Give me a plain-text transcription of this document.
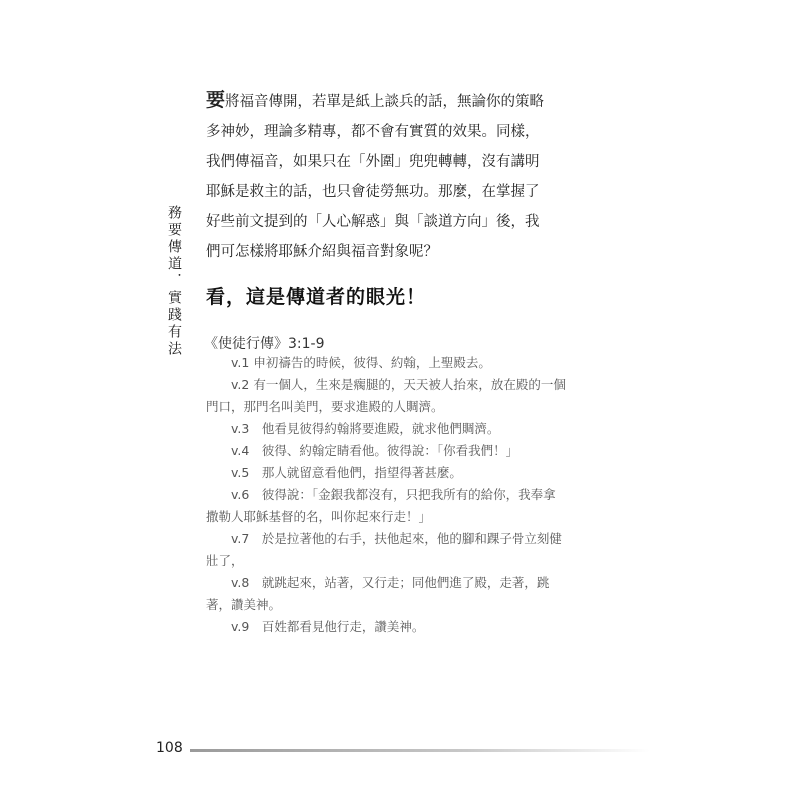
務要傳道．實踐有法

要將福音傳開，若單是紙上談兵的話，無論你的策略多神妙，理論多精專，都不會有實質的效果。同樣，我們傳福音，如果只在「外圍」兜兜轉轉，沒有講明耶穌是救主的話，也只會徒勞無功。那麼，在掌握了好些前文提到的「人心解惑」與「談道方向」後，我們可怎樣將耶穌介紹與福音對象呢？

看，這是傳道者的眼光！
《使徒行傳》3:1-9
v.1 申初禱告的時候，彼得、約翰，上聖殿去。
v.2 有一個人，生來是瘸腿的，天天被人抬來，放在殿的一個門口，那門名叫美門，要求進殿的人賙濟。
v.3　他看見彼得約翰將要進殿，就求他們賙濟。
v.4　彼得、約翰定睛看他。彼得說：「你看我們！」
v.5　那人就留意看他們，指望得著甚麼。
v.6　彼得說：「金銀我都沒有，只把我所有的給你，我奉拿撒勒人耶穌基督的名，叫你起來行走！」
v.7　於是拉著他的右手，扶他起來，他的腳和踝子骨立刻健壯了，
v.8　就跳起來，站著，又行走；同他們進了殿，走著，跳著，讚美神。
v.9　百姓都看見他行走，讚美神。
108
